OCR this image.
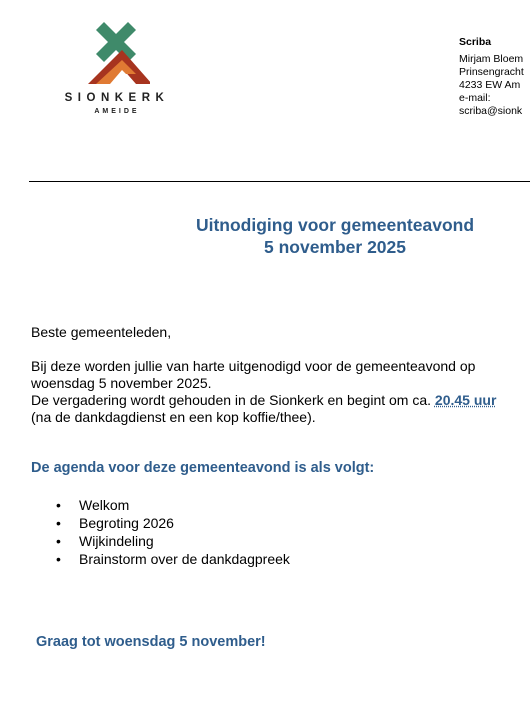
SIONKERK
AMEIDE
Scriba
Mirjam Bloem
Prinsengracht
4233 EW Am
e-mail:
scriba@sionk
Uitnodiging voor gemeenteavond
5 november 2025
Beste gemeenteleden,
Bij deze worden jullie van harte uitgenodigd voor de gemeenteavond op woensdag 5 november 2025.
De vergadering wordt gehouden in de Sionkerk en begint om ca. 20.45 uur
(na de dankdagdienst en een kop koffie/thee).
De agenda voor deze gemeenteavond is als volgt:
• Welkom
• Begroting 2026
• Wijkindeling
• Brainstorm over de dankdagpreek
Graag tot woensdag 5 november!
